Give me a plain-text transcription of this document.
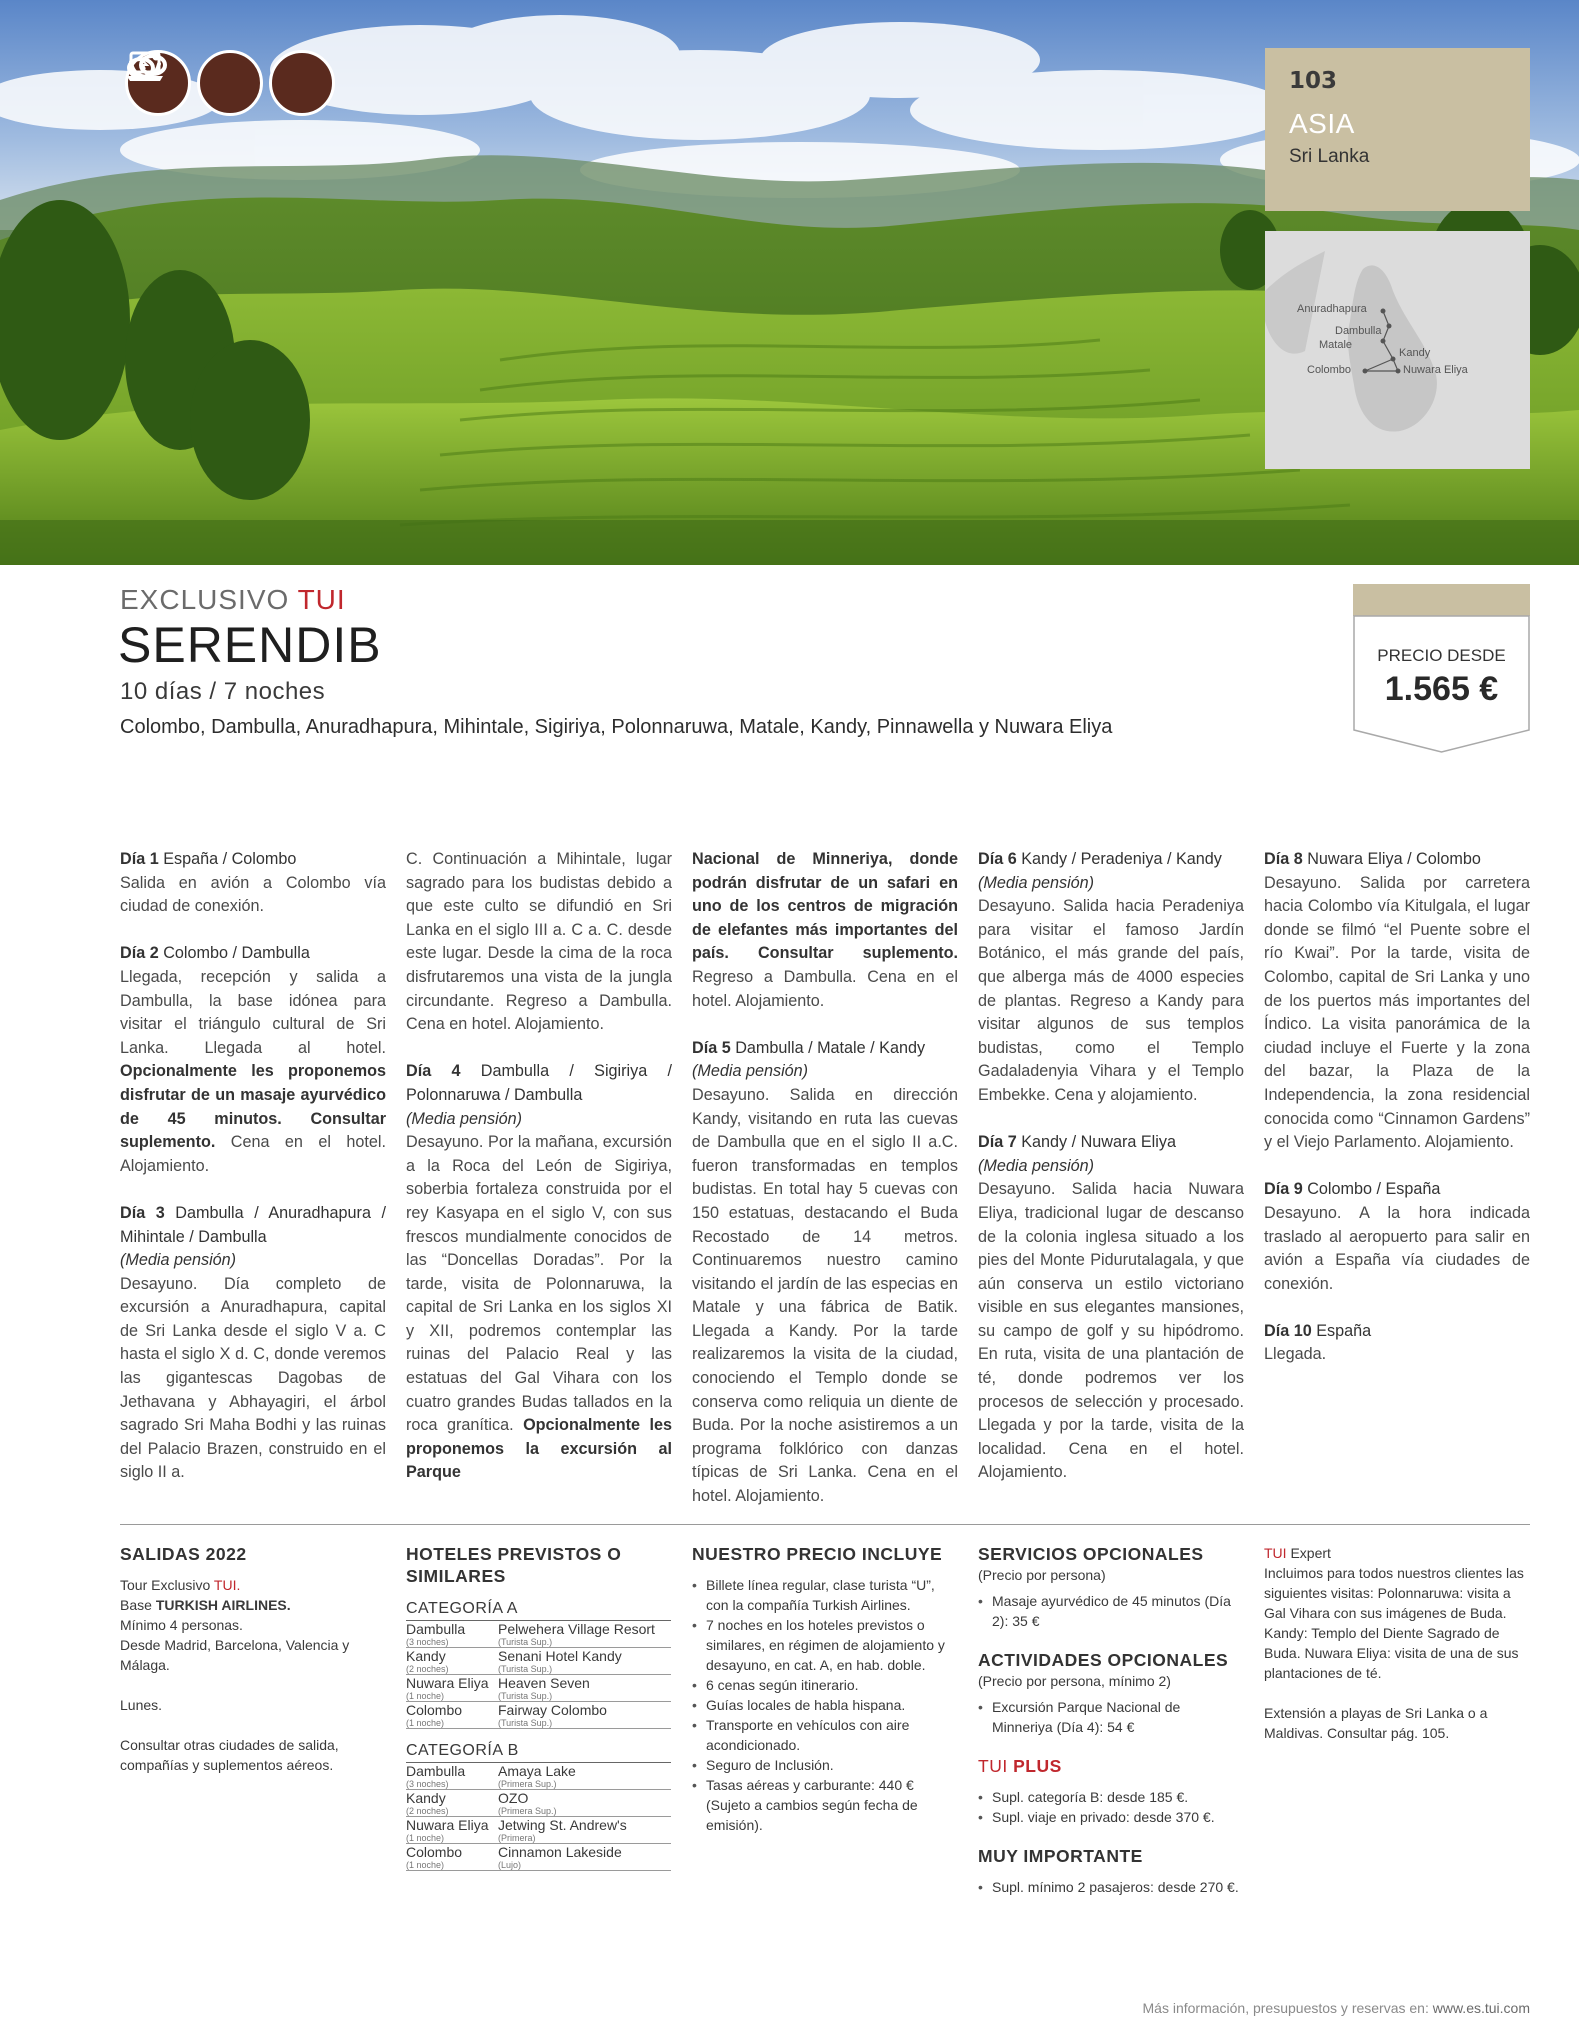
103
ASIA
Sri Lanka
Anuradhapura
Dambulla
Matale
Kandy
Colombo	Nuwara Eliya
EXCLUSIVO TUI
SERENDIB
10 días / 7 noches
Colombo, Dambulla, Anuradhapura, Mihintale, Sigiriya, Polonnaruwa, Matale, Kandy, Pinnawella y Nuwara Eliya
PRECIO DESDE
1.565 €

Día 1 España / Colombo
Salida en avión a Colombo vía ciudad de conexión.

Día 2 Colombo / Dambulla
Llegada, recepción y salida a Dambulla, la base idónea para visitar el triángulo cultural de Sri Lanka. Llegada al hotel. Opcionalmente les proponemos disfrutar de un masaje ayurvédico de 45 minutos. Consultar suplemento. Cena en el hotel. Alojamiento.

Día 3 Dambulla / Anuradhapura / Mihintale / Dambulla
(Media pensión)
Desayuno. Día completo de excursión a Anuradhapura, capital de Sri Lanka desde el siglo V a. C hasta el siglo X d. C, donde veremos las gigantescas Dagobas de Jethavana y Abhayagiri, el árbol sagrado Sri Maha Bodhi y las ruinas del Palacio Brazen, construido en el siglo II a.

C. Continuación a Mihintale, lugar sagrado para los budistas debido a que este culto se difundió en Sri Lanka en el siglo III a. C a. C. desde este lugar. Desde la cima de la roca disfrutaremos una vista de la jungla circundante. Regreso a Dambulla. Cena en hotel. Alojamiento.

Día 4 Dambulla / Sigiriya / Polonnaruwa / Dambulla
(Media pensión)
Desayuno. Por la mañana, excursión a la Roca del León de Sigiriya, soberbia fortaleza construida por el rey Kasyapa en el siglo V, con sus frescos mundialmente conocidos de las “Doncellas Doradas”. Por la tarde, visita de Polonnaruwa, la capital de Sri Lanka en los siglos XI y XII, podremos contemplar las ruinas del Palacio Real y las estatuas del Gal Vihara con los cuatro grandes Budas tallados en la roca granítica. Opcionalmente les proponemos la excursión al Parque

Nacional de Minneriya, donde podrán disfrutar de un safari en uno de los centros de migración de elefantes más importantes del país. Consultar suplemento. Regreso a Dambulla. Cena en el hotel. Alojamiento.

Día 5 Dambulla / Matale / Kandy
(Media pensión)
Desayuno. Salida en dirección Kandy, visitando en ruta las cuevas de Dambulla que en el siglo II a.C. fueron transformadas en templos budistas. En total hay 5 cuevas con 150 estatuas, destacando el Buda Recostado de 14 metros. Continuaremos nuestro camino visitando el jardín de las especias en Matale y una fábrica de Batik. Llegada a Kandy. Por la tarde realizaremos la visita de la ciudad, conociendo el Templo donde se conserva como reliquia un diente de Buda. Por la noche asistiremos a un programa folklórico con danzas típicas de Sri Lanka. Cena en el hotel. Alojamiento.

Día 6 Kandy / Peradeniya / Kandy
(Media pensión)
Desayuno. Salida hacia Peradeniya para visitar el famoso Jardín Botánico, el más grande del país, que alberga más de 4000 especies de plantas. Regreso a Kandy para visitar algunos de sus templos budistas, como el Templo Gadaladenyia Vihara y el Templo Embekke. Cena y alojamiento.

Día 7 Kandy / Nuwara Eliya
(Media pensión)
Desayuno. Salida hacia Nuwara Eliya, tradicional lugar de descanso de la colonia inglesa situado a los pies del Monte Pidurutalagala, y que aún conserva un estilo victoriano visible en sus elegantes mansiones, su campo de golf y su hipódromo. En ruta, visita de una plantación de té, donde podremos ver los procesos de selección y procesado. Llegada y por la tarde, visita de la localidad. Cena en el hotel. Alojamiento.

Día 8 Nuwara Eliya / Colombo
Desayuno. Salida por carretera hacia Colombo vía Kitulgala, el lugar donde se filmó “el Puente sobre el río Kwai”. Por la tarde, visita de Colombo, capital de Sri Lanka y uno de los puertos más importantes del Índico. La visita panorámica de la ciudad incluye el Fuerte y la zona del bazar, la Plaza de la Independencia, la zona residencial conocida como “Cinnamon Gardens” y el Viejo Parlamento. Alojamiento.

Día 9 Colombo / España
Desayuno. A la hora indicada traslado al aeropuerto para salir en avión a España vía ciudades de conexión.

Día 10 España
Llegada.

SALIDAS 2022
Tour Exclusivo TUI.
Base TURKISH AIRLINES.
Mínimo 4 personas.
Desde Madrid, Barcelona, Valencia y Málaga.
Lunes.
Consultar otras ciudades de salida, compañías y suplementos aéreos.
HOTELES PREVISTOS O SIMILARES
CATEGORÍA A
Dambulla
(3 noches)	Pelwehera Village Resort
(Turista Sup.)

Kandy
(2 noches)	Senani Hotel Kandy
(Turista Sup.)

Nuwara Eliya
(1 noche)	Heaven Seven
(Turista Sup.)

Colombo
(1 noche)	Fairway Colombo
(Turista Sup.)
CATEGORÍA B
Dambulla
(3 noches)	Amaya Lake
(Primera Sup.)

Kandy
(2 noches)	OZO
(Primera Sup.)

Nuwara Eliya
(1 noche)	Jetwing St. Andrew's
(Primera)

Colombo
(1 noche)	Cinnamon Lakeside
(Lujo)
NUESTRO PRECIO INCLUYE
• Billete línea regular, clase turista “U”, con la compañía Turkish Airlines.
• 7 noches en los hoteles previstos o similares, en régimen de alojamiento y desayuno, en cat. A, en hab. doble.
• 6 cenas según itinerario.
• Guías locales de habla hispana.
• Transporte en vehículos con aire acondicionado.
• Seguro de Inclusión.
• Tasas aéreas y carburante: 440 € (Sujeto a cambios según fecha de emisión).
SERVICIOS OPCIONALES
(Precio por persona)
• Masaje ayurvédico de 45 minutos (Día 2): 35 €
ACTIVIDADES OPCIONALES
(Precio por persona, mínimo 2)
• Excursión Parque Nacional de Minneriya (Día 4): 54 €
TUI PLUS
• Supl. categoría B: desde 185 €.
• Supl. viaje en privado: desde 370 €.
MUY IMPORTANTE
• Supl. mínimo 2 pasajeros: desde 270 €.
TUI Expert
Incluimos para todos nuestros clientes las siguientes visitas: Polonnaruwa: visita a Gal Vihara con sus imágenes de Buda. Kandy: Templo del Diente Sagrado de Buda. Nuwara Eliya: visita de una de sus plantaciones de té.
Extensión a playas de Sri Lanka o a Maldivas. Consultar pág. 105.
Más información, presupuestos y reservas en: www.es.tui.com
